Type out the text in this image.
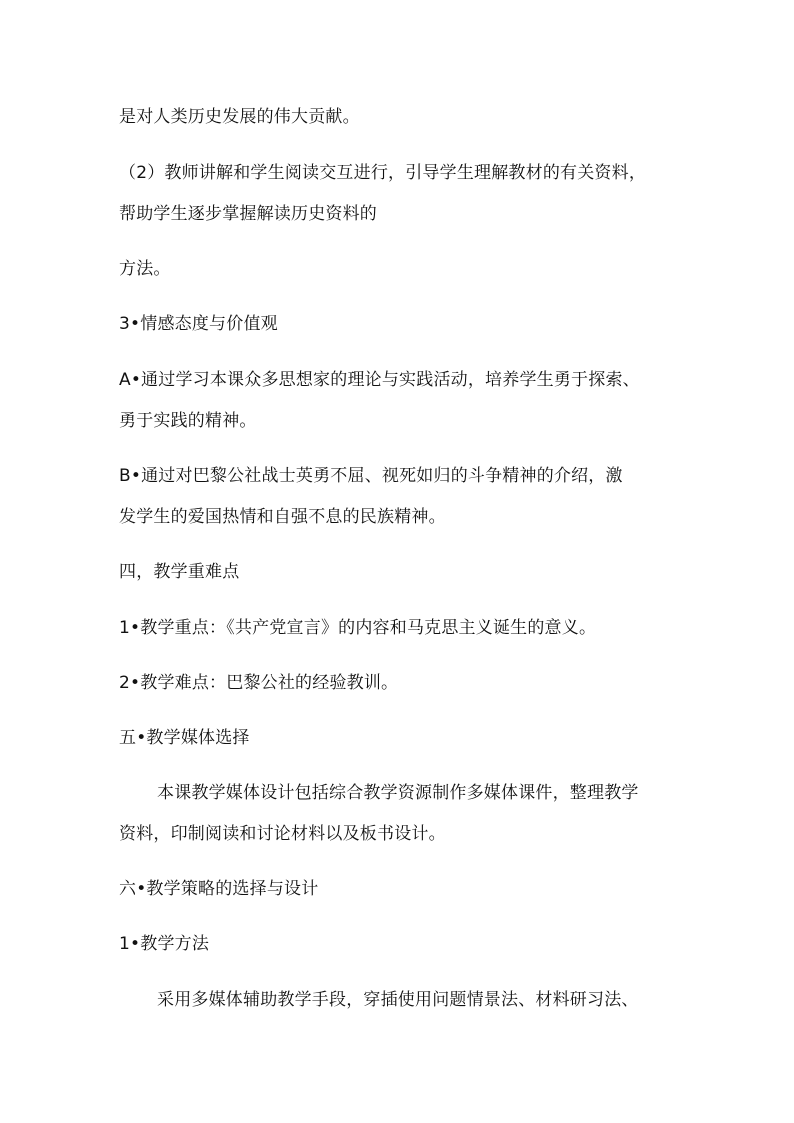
是对人类历史发展的伟大贡献。
（2）教师讲解和学生阅读交互进行，引导学生理解教材的有关资料，
帮助学生逐步掌握解读历史资料的
方法。
3•情感态度与价值观
A•通过学习本课众多思想家的理论与实践活动，培养学生勇于探索、
勇于实践的精神。
B•通过对巴黎公社战士英勇不屈、视死如归的斗争精神的介绍，激
发学生的爱国热情和自强不息的民族精神。
四，教学重难点
1•教学重点：《共产党宣言》的内容和马克思主义诞生的意义。
2•教学难点：巴黎公社的经验教训。
五•教学媒体选择
本课教学媒体设计包括综合教学资源制作多媒体课件，整理教学
资料，印制阅读和讨论材料以及板书设计。
六•教学策略的选择与设计
1•教学方法
采用多媒体辅助教学手段，穿插使用问题情景法、材料研习法、
